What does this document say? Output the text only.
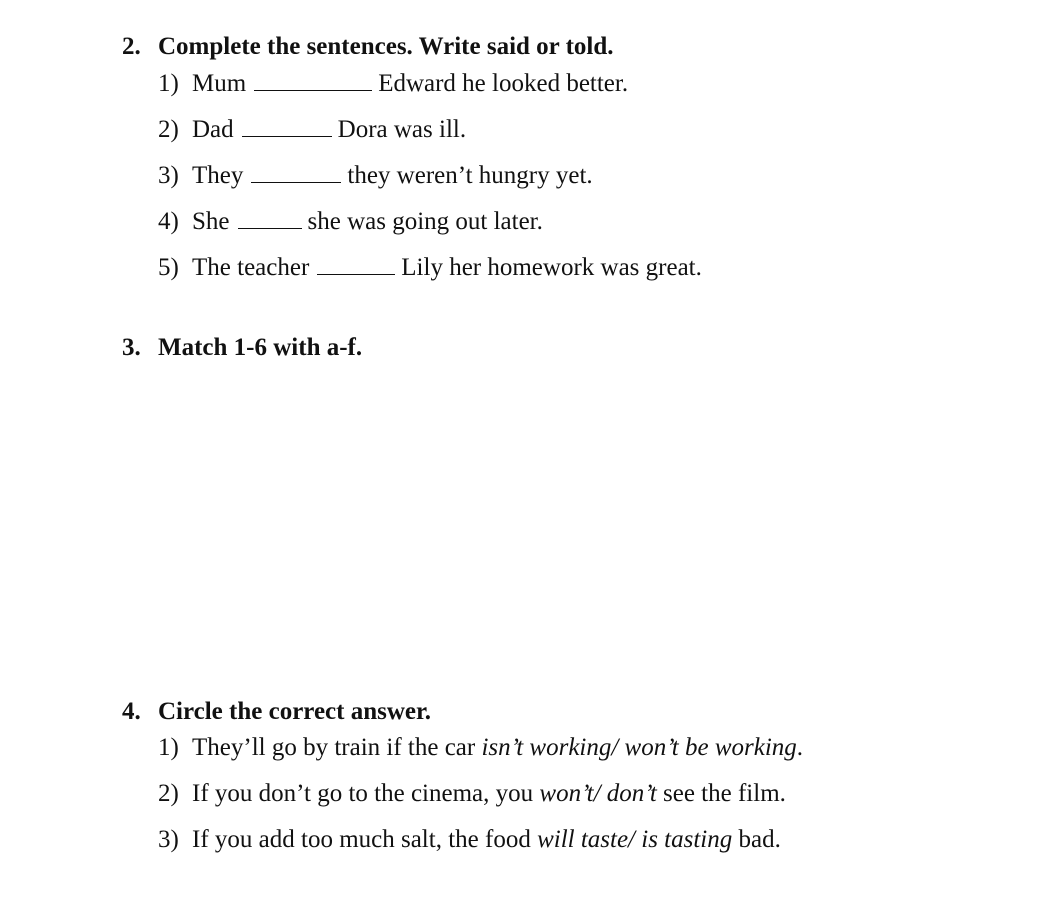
2. Complete the sentences. Write said or told.
1) Mum	Edward he looked better.
2) Dad	Dora was ill.
3) They	they weren’t hungry yet.
4) She	she was going out later.
5) The teacher	Lily her homework was great.
3. Match 1-6 with a-f.
4. Circle the correct answer.
1) They’ll go by train if the car isn’t working/ won’t be working.
2) If you don’t go to the cinema, you won’t/ don’t see the film.
3) If you add too much salt, the food will taste/ is tasting bad.
